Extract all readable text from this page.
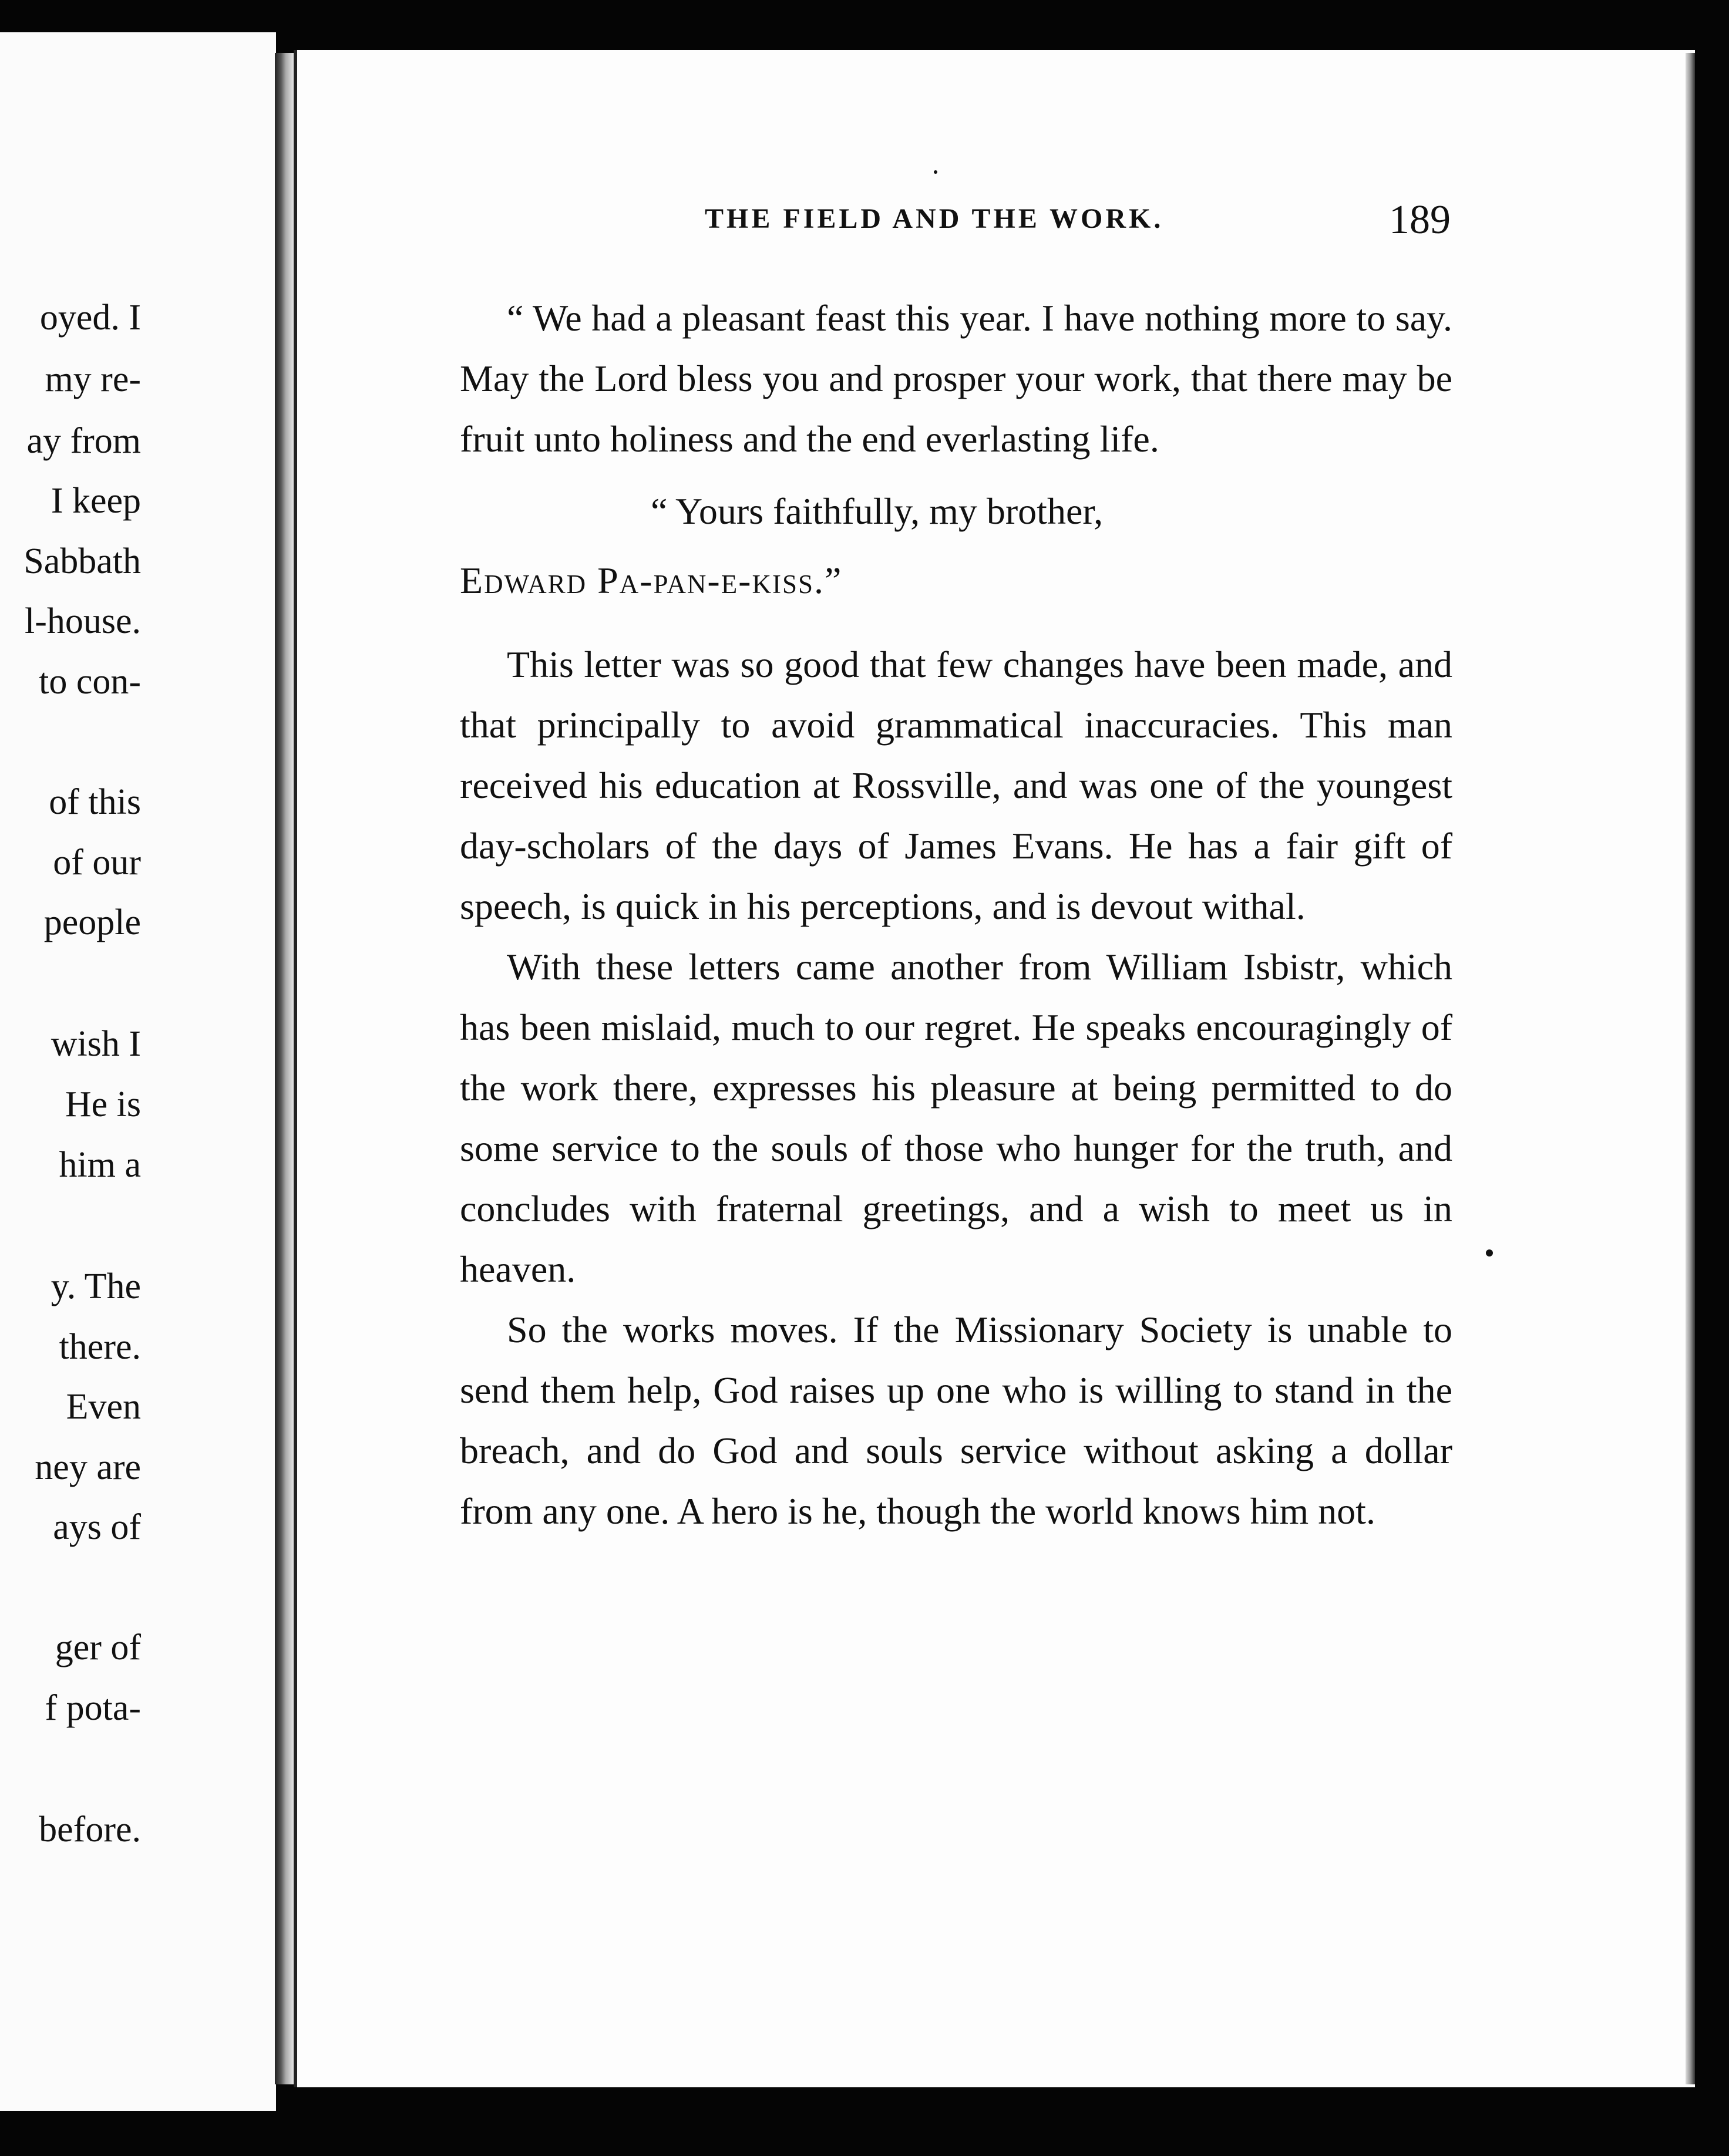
oyed. I
my re-
ay from
I keep
Sabbath
l-house.
to con-
of this
of our
people
wish I
He is
him a
y. The
there.
Even
ney are
ays of
ger of
f pota-
before.
THE FIELD AND THE WORK.	189

“ We had a pleasant feast this year. I have nothing more to say. May the Lord bless you and prosper your work, that there may be fruit unto holiness and the end everlasting life.

“ Yours faithfully, my brother,

Edward Pa-pan-e-kiss.”

This letter was so good that few changes have been made, and that principally to avoid grammatical inaccuracies. This man received his education at Rossville, and was one of the youngest day-scholars of the days of James Evans. He has a fair gift of speech, is quick in his perceptions, and is devout withal.

With these letters came another from William Isbistr, which has been mislaid, much to our regret. He speaks encouragingly of the work there, expresses his pleasure at being permitted to do some service to the souls of those who hunger for the truth, and concludes with fraternal greetings, and a wish to meet us in heaven.

So the works moves. If the Missionary Society is unable to send them help, God raises up one who is willing to stand in the breach, and do God and souls service without asking a dollar from any one. A hero is he, though the world knows him not.
